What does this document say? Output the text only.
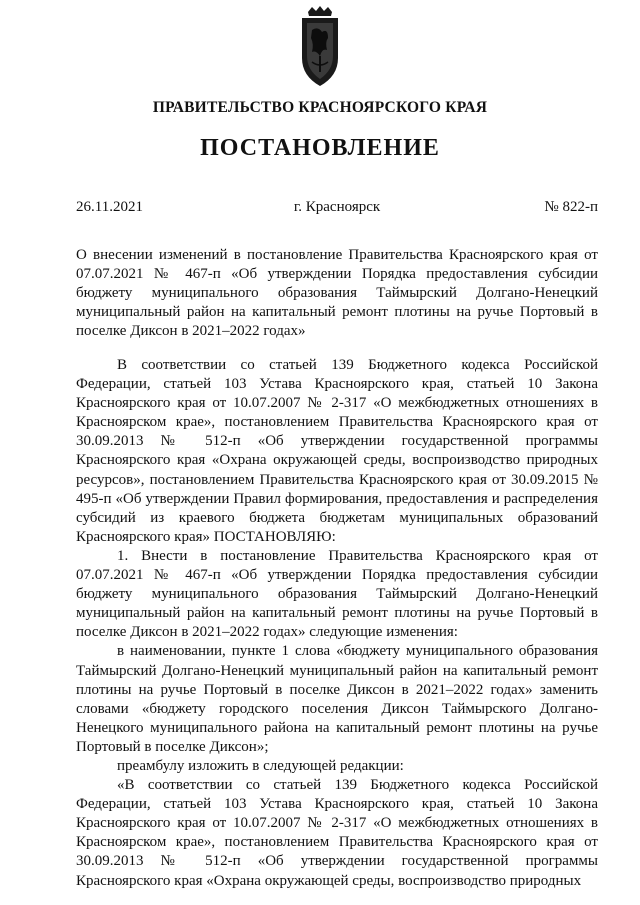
ПРАВИТЕЛЬСТВО КРАСНОЯРСКОГО КРАЯ
ПОСТАНОВЛЕНИЕ
26.11.2021	г. Красноярск	№ 822-п

О внесении изменений в постановление Правительства Красноярского края от 07.07.2021 № 467-п «Об утверждении Порядка предоставления субсидии бюджету муниципального образования Таймырский Долгано-Ненецкий муниципальный район на капитальный ремонт плотины на ручье Портовый в поселке Диксон в 2021–2022 годах»

В соответствии со статьей 139 Бюджетного кодекса Российской Федерации, статьей 103 Устава Красноярского края, статьей 10 Закона Красноярского края от 10.07.2007 № 2-317 «О межбюджетных отношениях в Красноярском крае», постановлением Правительства Красноярского края от 30.09.2013 № 512-п «Об утверждении государственной программы Красноярского края «Охрана окружающей среды, воспроизводство природных ресурсов», постановлением Правительства Красноярского края от 30.09.2015 № 495-п «Об утверждении Правил формирования, предоставления и распределения субсидий из краевого бюджета бюджетам муниципальных образований Красноярского края» ПОСТАНОВЛЯЮ:

1. Внести в постановление Правительства Красноярского края от 07.07.2021 № 467-п «Об утверждении Порядка предоставления субсидии бюджету муниципального образования Таймырский Долгано-Ненецкий муниципальный район на капитальный ремонт плотины на ручье Портовый в поселке Диксон в 2021–2022 годах» следующие изменения:

в наименовании, пункте 1 слова «бюджету муниципального образования Таймырский Долгано-Ненецкий муниципальный район на капитальный ремонт плотины на ручье Портовый в поселке Диксон в 2021–2022 годах» заменить словами «бюджету городского поселения Диксон Таймырского Долгано-Ненецкого муниципального района на капитальный ремонт плотины на ручье Портовый в поселке Диксон»;

преамбулу изложить в следующей редакции:

«В соответствии со статьей 139 Бюджетного кодекса Российской Федерации, статьей 103 Устава Красноярского края, статьей 10 Закона Красноярского края от 10.07.2007 № 2-317 «О межбюджетных отношениях в Красноярском крае», постановлением Правительства Красноярского края от 30.09.2013 № 512-п «Об утверждении государственной программы Красноярского края «Охрана окружающей среды, воспроизводство природных
